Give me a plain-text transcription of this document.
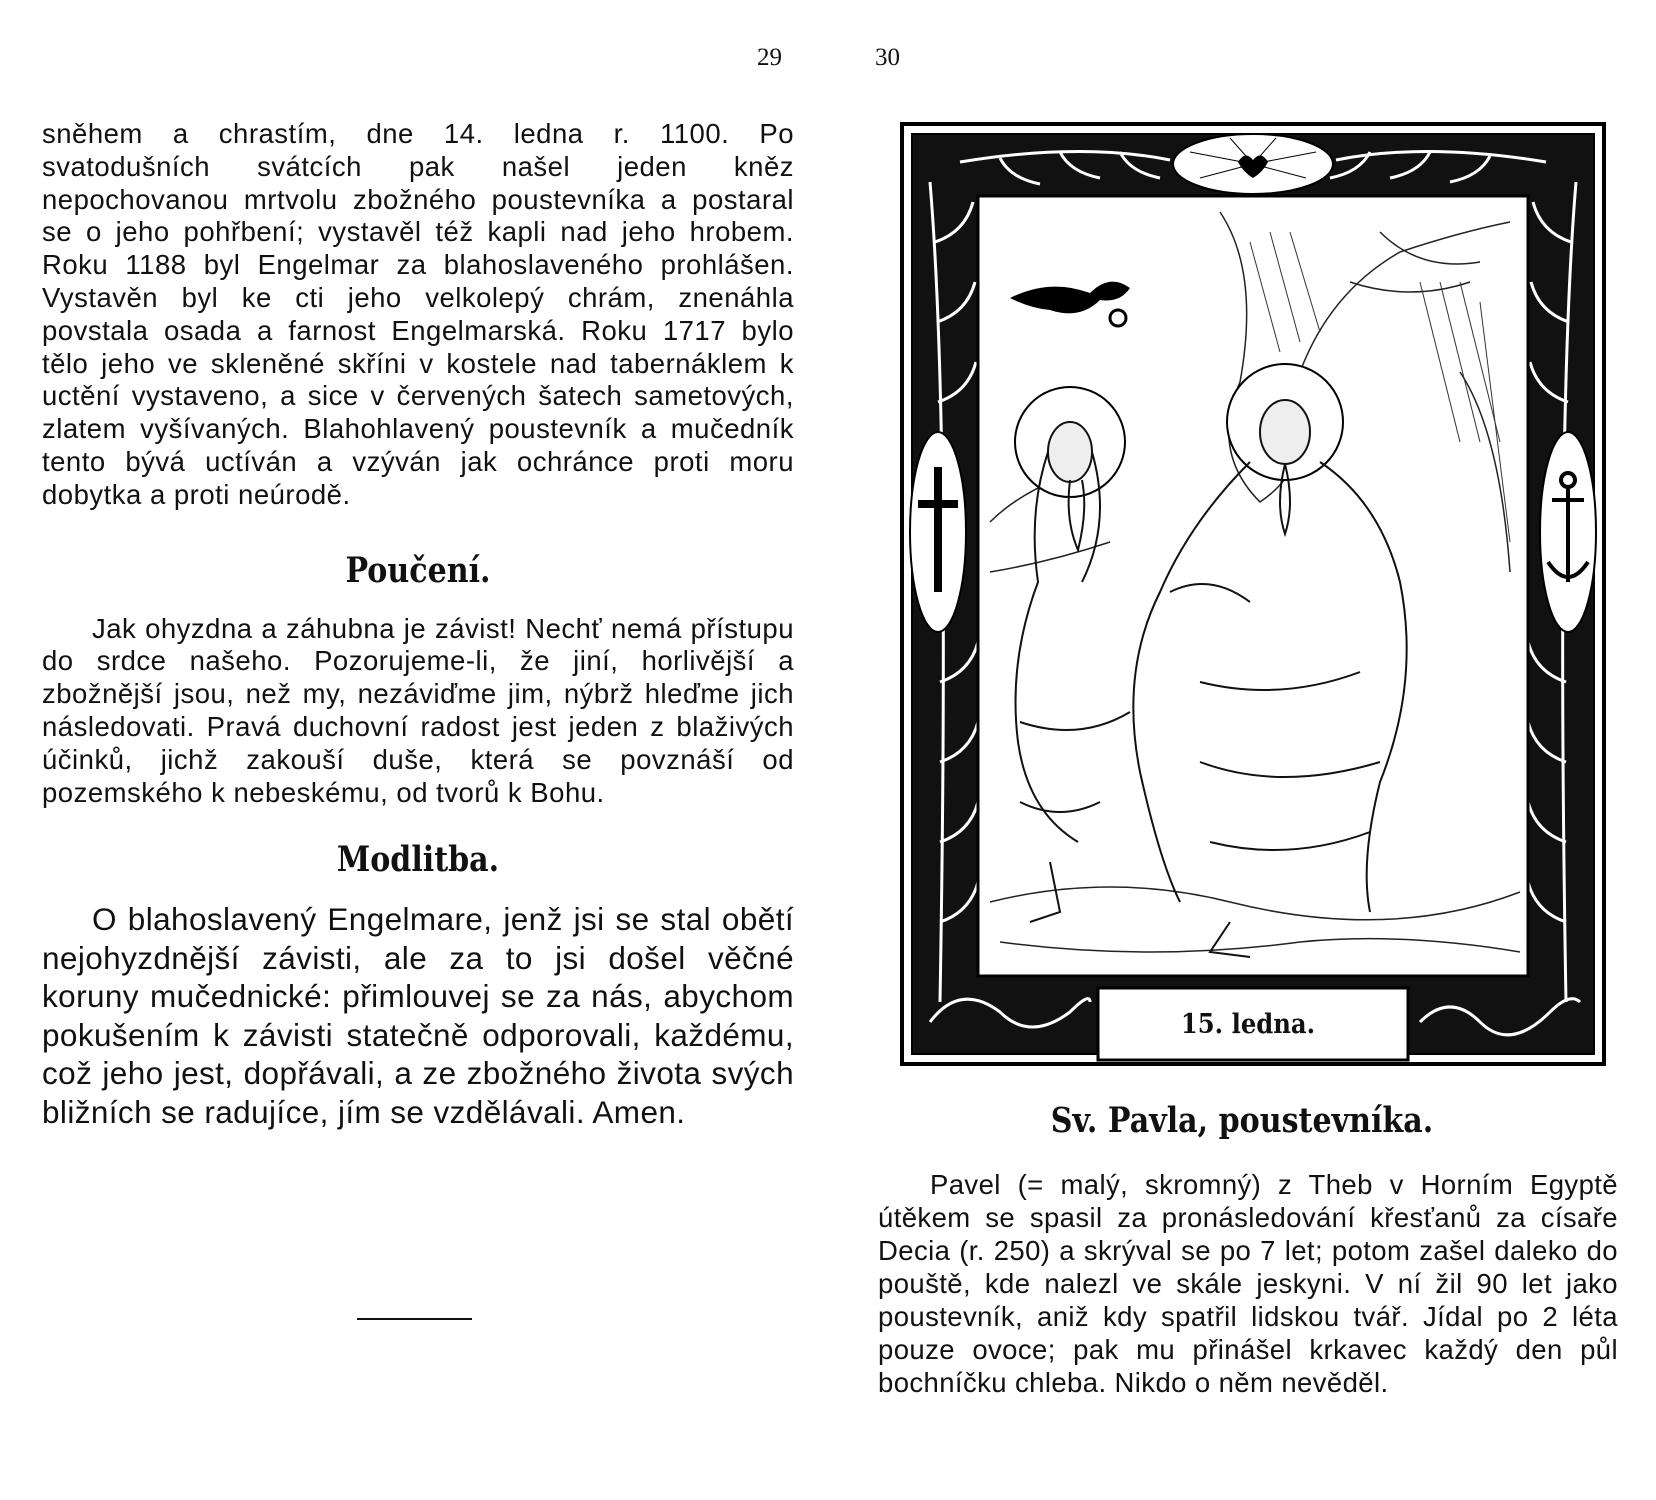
29

sněhem a chrastím, dne 14. ledna r. 1100. Po svatodušních svátcích pak našel jeden kněz nepochovanou mrtvolu zbožného poustevníka a postaral se o jeho pohřbení; vystavěl též kapli nad jeho hrobem. Roku 1188 byl Engelmar za blahoslaveného prohlášen. Vystavěn byl ke cti jeho velkolepý chrám, znenáhla povstala osada a farnost Engelmarská. Roku 1717 bylo tělo jeho ve skleněné skříni v kostele nad tabernáklem k uctění vystaveno, a sice v červených šatech sametových, zlatem vyšívaných. Blahohlavený poustevník a mučedník tento bývá uctíván a vzýván jak ochránce proti moru dobytka a proti neúrodě.

Poučení.

Jak ohyzdna a záhubna je závist! Nechť nemá přístupu do srdce našeho. Pozorujeme-li, že jiní, horlivější a zbožnější jsou, než my, nezáviďme jim, nýbrž hleďme jich následovati. Pravá duchovní radost jest jeden z blaživých účinků, jichž zakouší duše, která se povznáší od pozemského k nebeskému, od tvorů k Bohu.

Modlitba.

O blahoslavený Engelmare, jenž jsi se stal obětí nejohyzdnější závisti, ale za to jsi došel věčné koruny mučednické: přimlouvej se za nás, abychom pokušením k závisti statečně odporovali, každému, což jeho jest, dopřávali, a ze zbožného života svých bližních se radujíce, jím se vzdělávali. Amen.

30
15. ledna.
Sv. Pavla, poustevníka.

Pavel (= malý, skromný) z Theb v Horním Egyptě útěkem se spasil za pronásledování křesťanů za císaře Decia (r. 250) a skrýval se po 7 let; potom zašel daleko do pouště, kde nalezl ve skále jeskyni. V ní žil 90 let jako poustevník, aniž kdy spatřil lidskou tvář. Jídal po 2 léta pouze ovoce; pak mu přinášel krkavec každý den půl bochníčku chleba. Nikdo o něm nevěděl.
